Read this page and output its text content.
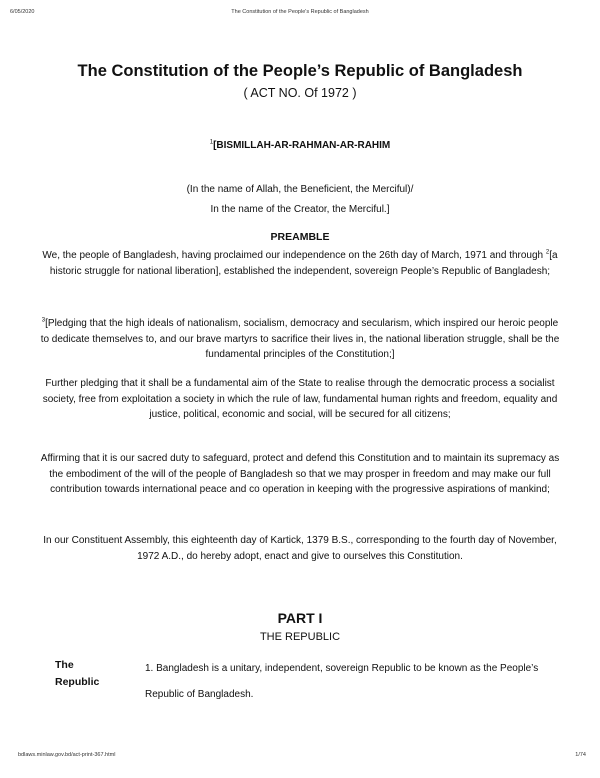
6/05/2020	The Constitution of the People's Republic of Bangladesh
The Constitution of the People’s Republic of Bangladesh
( ACT NO. Of 1972 )
$^1$[BISMILLAH-AR-RAHMAN-AR-RAHIM
(In the name of Allah, the Beneficient, the Merciful)/
In the name of the Creator, the Merciful.]
PREAMBLE
We, the people of Bangladesh, having proclaimed our independence on the 26th day of March, 1971 and through $^2$[a historic struggle for national liberation], established the independent, sovereign People’s Republic of Bangladesh;
$^3$[Pledging that the high ideals of nationalism, socialism, democracy and secularism, which inspired our heroic people to dedicate themselves to, and our brave martyrs to sacrifice their lives in, the national liberation struggle, shall be the fundamental principles of the Constitution;]
Further pledging that it shall be a fundamental aim of the State to realise through the democratic process a socialist society, free from exploitation a society in which the rule of law, fundamental human rights and freedom, equality and justice, political, economic and social, will be secured for all citizens;
Affirming that it is our sacred duty to safeguard, protect and defend this Constitution and to maintain its supremacy as the embodiment of the will of the people of Bangladesh so that we may prosper in freedom and may make our full contribution towards international peace and co operation in keeping with the progressive aspirations of mankind;
In our Constituent Assembly, this eighteenth day of Kartick, 1379 B.S., corresponding to the fourth day of November, 1972 A.D., do hereby adopt, enact and give to ourselves this Constitution.
PART I
THE REPUBLIC
The
Republic
1. Bangladesh is a unitary, independent, sovereign Republic to be known as the People’s Republic of Bangladesh.
bdlaws.minlaw.gov.bd/act-print-367.html	1/74
